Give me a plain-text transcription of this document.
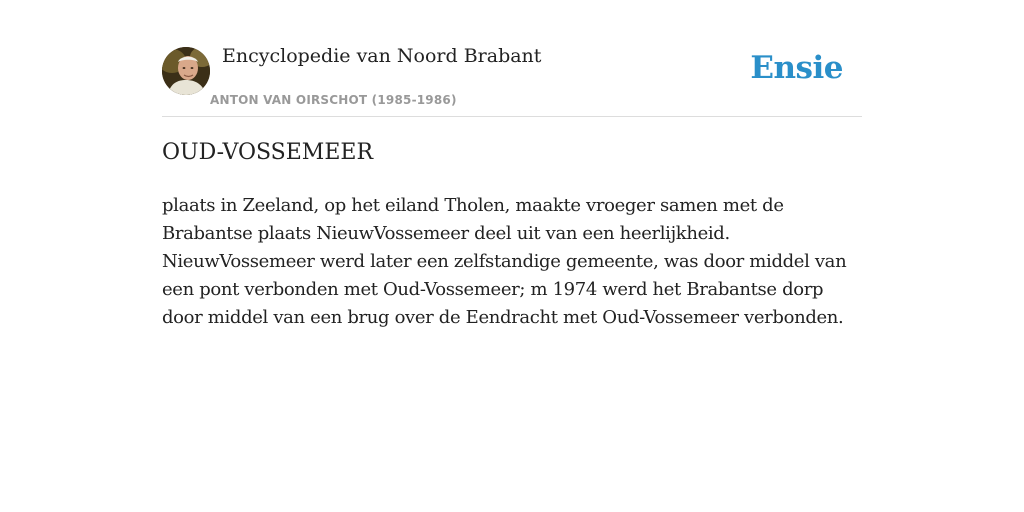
Encyclopedie van Noord Brabant
ANTON VAN OIRSCHOT (1985-1986)
Ensie
OUD-VOSSEMEER

plaats in Zeeland, op het eiland Tholen, maakte vroeger samen met de Brabantse plaats NieuwVossemeer deel uit van een heerlijkheid. NieuwVossemeer werd later een zelfstandige gemeente, was door middel van een pont verbonden met Oud-Vossemeer; m 1974 werd het Brabantse dorp door middel van een brug over de Eendracht met Oud-Vossemeer verbonden.
